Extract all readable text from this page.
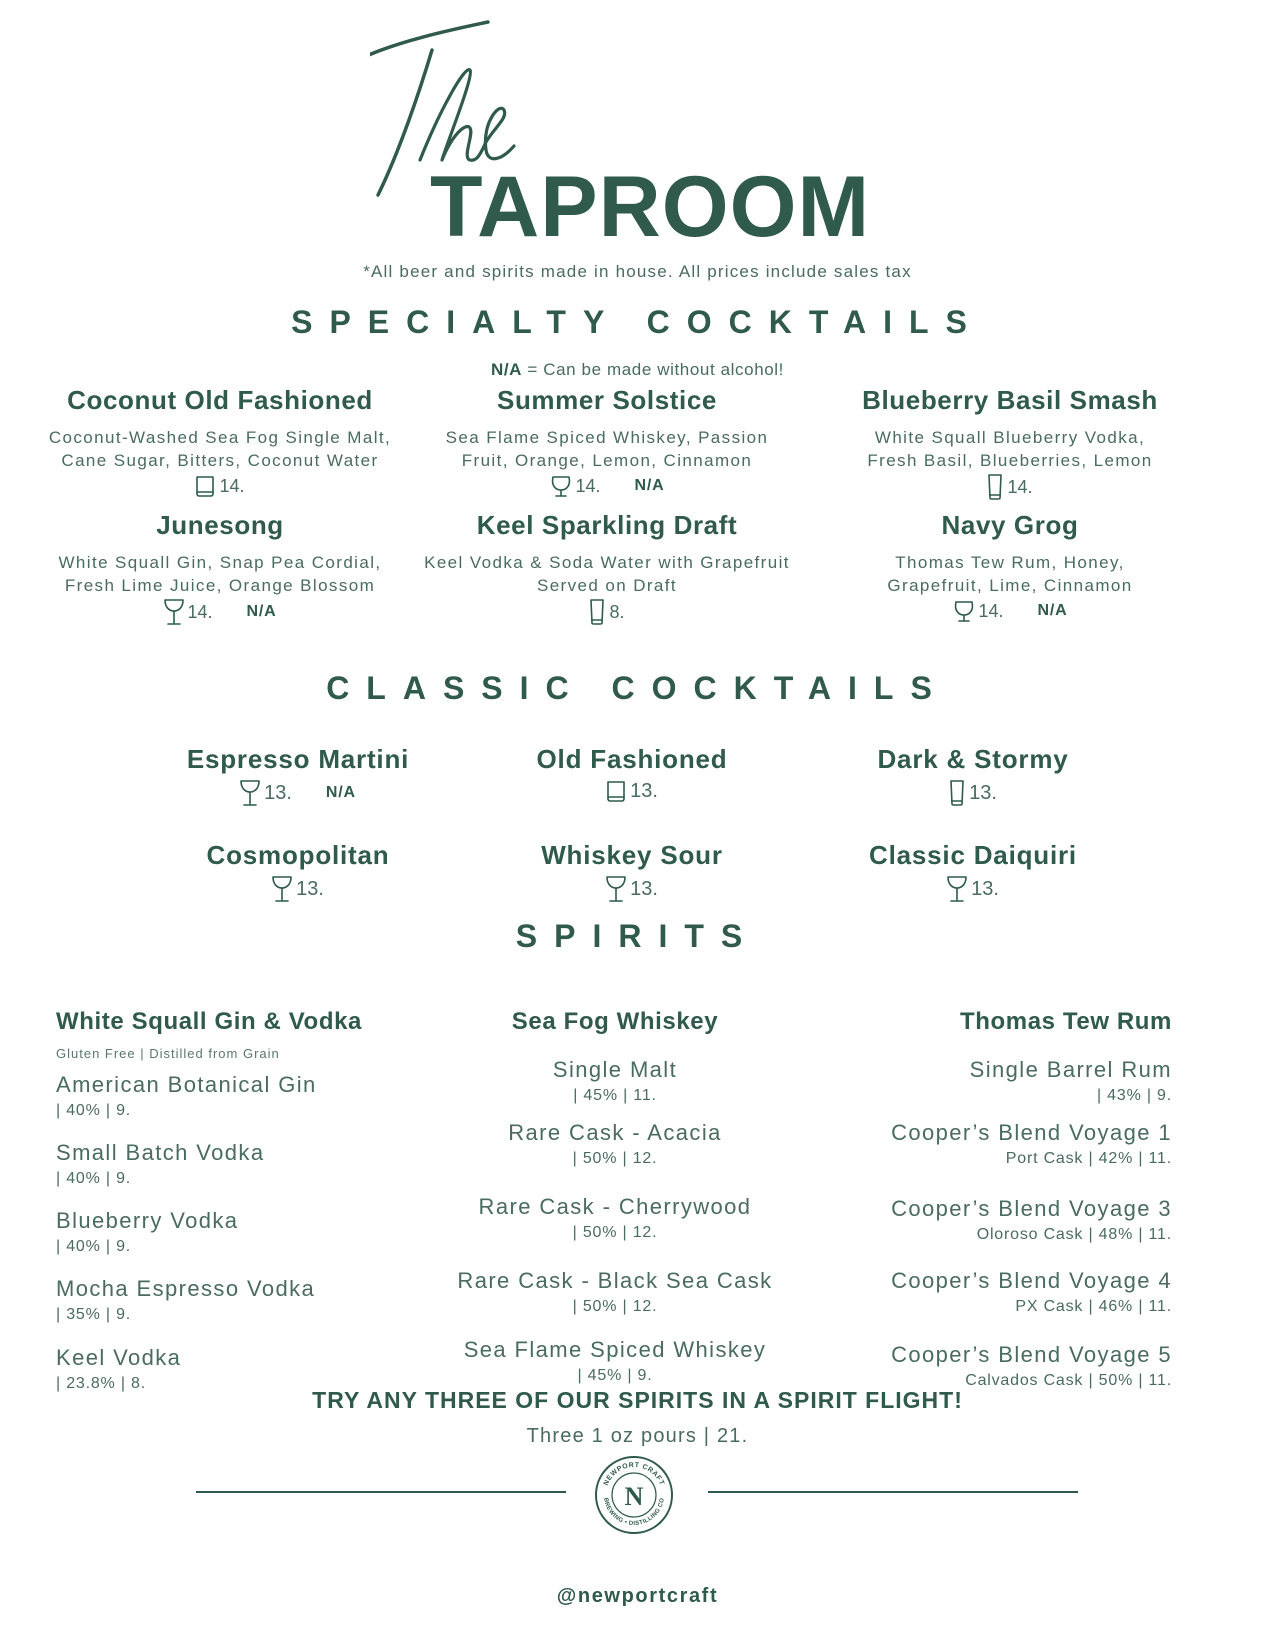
TAPROOM
*All beer and spirits made in house. All prices include sales tax
SPECIALTY COCKTAILS
N/A = Can be made without alcohol!
Coconut Old Fashioned
Coconut-Washed Sea Fog Single Malt,
Cane Sugar, Bitters, Coconut Water
14.
Summer Solstice
Sea Flame Spiced Whiskey, Passion
Fruit, Orange, Lemon, Cinnamon
14. N/A
Blueberry Basil Smash
White Squall Blueberry Vodka,
Fresh Basil, Blueberries, Lemon
14.
Junesong
White Squall Gin, Snap Pea Cordial,
Fresh Lime Juice, Orange Blossom
14. N/A
Keel Sparkling Draft
Keel Vodka & Soda Water with Grapefruit
Served on Draft
8.
Navy Grog
Thomas Tew Rum, Honey,
Grapefruit, Lime, Cinnamon
14. N/A
CLASSIC COCKTAILS
Espresso Martini
13. N/A
Old Fashioned
13.
Dark & Stormy
13.
Cosmopolitan
13.
Whiskey Sour
13.
Classic Daiquiri
13.
SPIRITS
White Squall Gin & Vodka
Gluten Free | Distilled from Grain
American Botanical Gin
| 40% | 9.
Small Batch Vodka
| 40% | 9.
Blueberry Vodka
| 40% | 9.
Mocha Espresso Vodka
| 35% | 9.
Keel Vodka
| 23.8% | 8.
Sea Fog Whiskey
Single Malt
| 45% | 11.
Rare Cask - Acacia
| 50% | 12.
Rare Cask - Cherrywood
| 50% | 12.
Rare Cask - Black Sea Cask
| 50% | 12.
Sea Flame Spiced Whiskey
| 45% | 9.
Thomas Tew Rum
Single Barrel Rum
| 43% | 9.
Cooper’s Blend Voyage 1
Port Cask | 42% | 11.
Cooper’s Blend Voyage 3
Oloroso Cask | 48% | 11.
Cooper’s Blend Voyage 4
PX Cask | 46% | 11.
Cooper’s Blend Voyage 5
Calvados Cask | 50% | 11.
TRY ANY THREE OF OUR SPIRITS IN A SPIRIT FLIGHT!
Three 1 oz pours | 21.
NEWPORT CRAFT
BREWING • DISTILLING CO
N
@newportcraft
